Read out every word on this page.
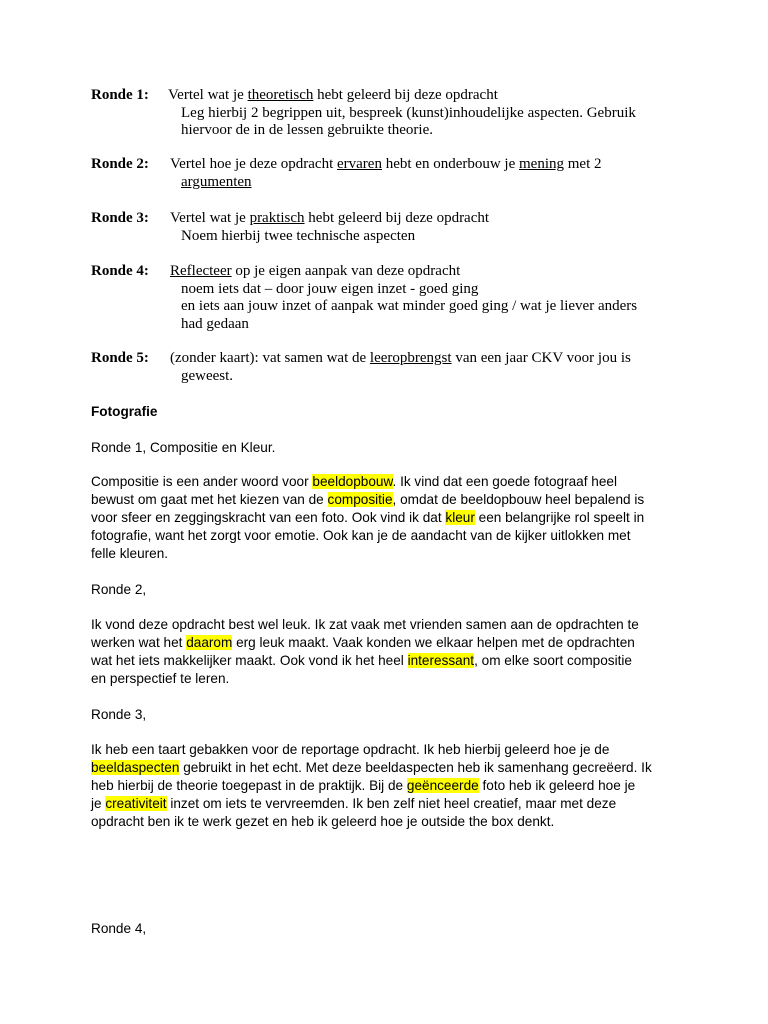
Ronde 1: Vertel wat je theoretisch hebt geleerd bij deze opdracht
Leg hierbij 2 begrippen uit, bespreek (kunst)inhoudelijke aspecten. Gebruik
hiervoor de in de lessen gebruikte theorie.
Ronde 2: Vertel hoe je deze opdracht ervaren hebt en onderbouw je mening met 2
argumenten
Ronde 3: Vertel wat je praktisch hebt geleerd bij deze opdracht
Noem hierbij twee technische aspecten
Ronde 4: Reflecteer op je eigen aanpak van deze opdracht
noem iets dat – door jouw eigen inzet - goed ging
en iets aan jouw inzet of aanpak wat minder goed ging / wat je liever anders
had gedaan
Ronde 5: (zonder kaart): vat samen wat de leeropbrengst van een jaar CKV voor jou is
geweest.
Fotografie
Ronde 1, Compositie en Kleur.
Compositie is een ander woord voor beeldopbouw. Ik vind dat een goede fotograaf heel
bewust om gaat met het kiezen van de compositie, omdat de beeldopbouw heel bepalend is
voor sfeer en zeggingskracht van een foto. Ook vind ik dat kleur een belangrijke rol speelt in
fotografie, want het zorgt voor emotie. Ook kan je de aandacht van de kijker uitlokken met
felle kleuren.
Ronde 2,
Ik vond deze opdracht best wel leuk. Ik zat vaak met vrienden samen aan de opdrachten te
werken wat het daarom erg leuk maakt. Vaak konden we elkaar helpen met de opdrachten
wat het iets makkelijker maakt. Ook vond ik het heel interessant, om elke soort compositie
en perspectief te leren.
Ronde 3,
Ik heb een taart gebakken voor de reportage opdracht. Ik heb hierbij geleerd hoe je de
beeldaspecten gebruikt in het echt. Met deze beeldaspecten heb ik samenhang gecreëerd. Ik
heb hierbij de theorie toegepast in de praktijk. Bij de geënceerde foto heb ik geleerd hoe je
je creativiteit inzet om iets te vervreemden. Ik ben zelf niet heel creatief, maar met deze
opdracht ben ik te werk gezet en heb ik geleerd hoe je outside the box denkt.
Ronde 4,
